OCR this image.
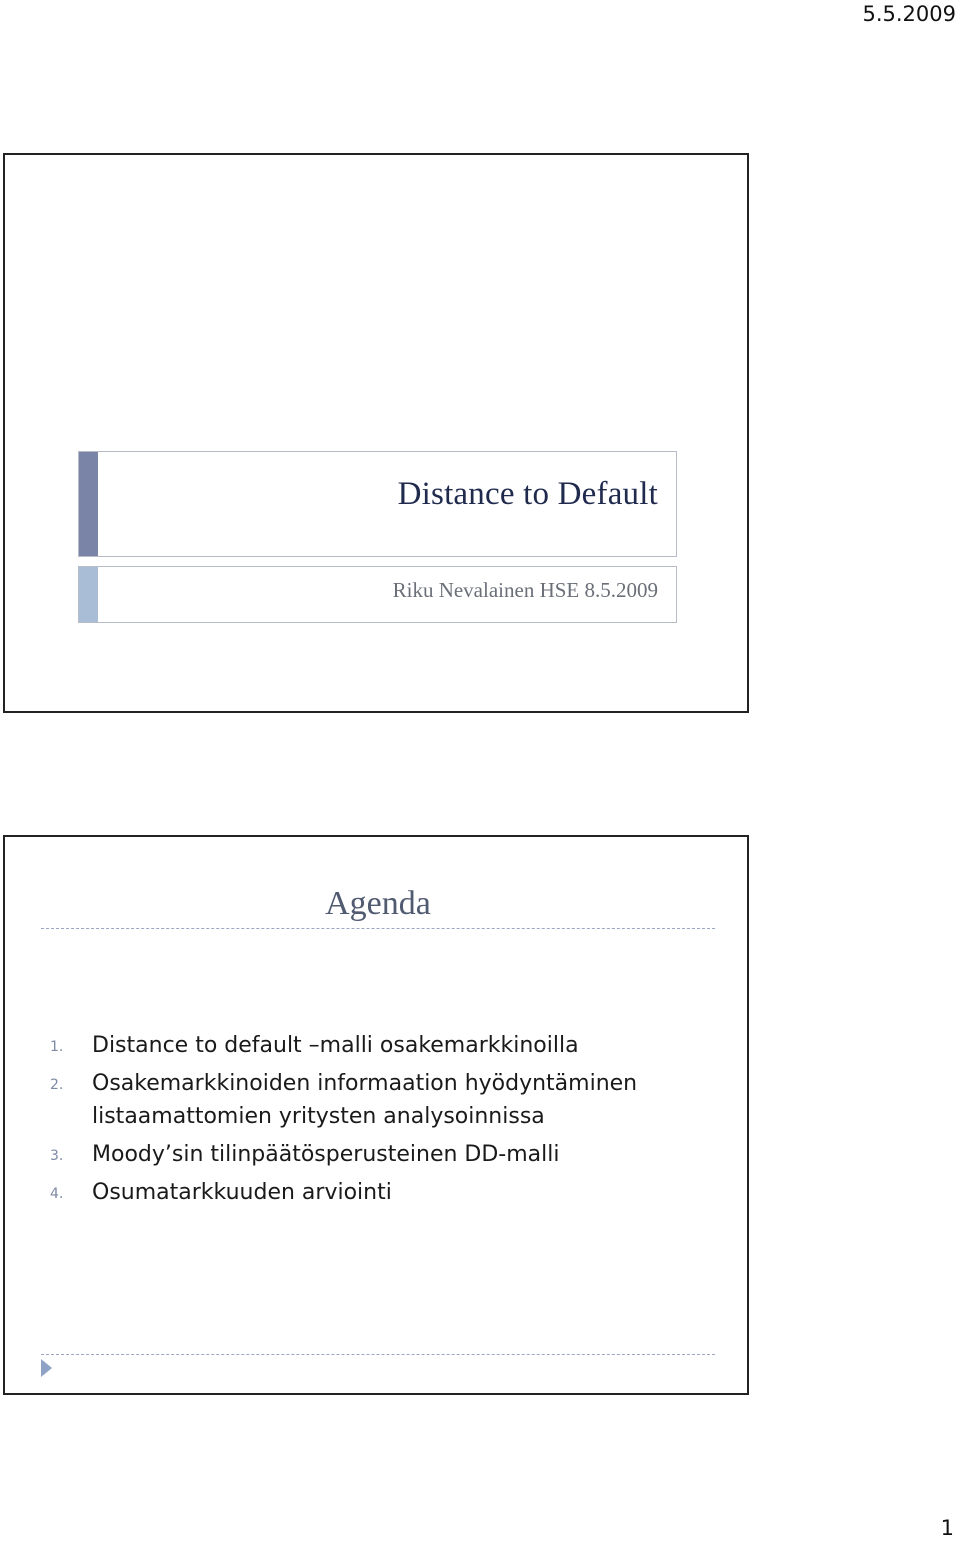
5.5.2009
Distance to Default
Riku Nevalainen HSE 8.5.2009
Agenda
1. Distance to default –malli osakemarkkinoilla
2. Osakemarkkinoiden informaation hyödyntäminen listaamattomien yritysten analysoinnissa
3. Moody’sin tilinpäätösperusteinen DD-malli
4. Osumatarkkuuden arviointi
1
